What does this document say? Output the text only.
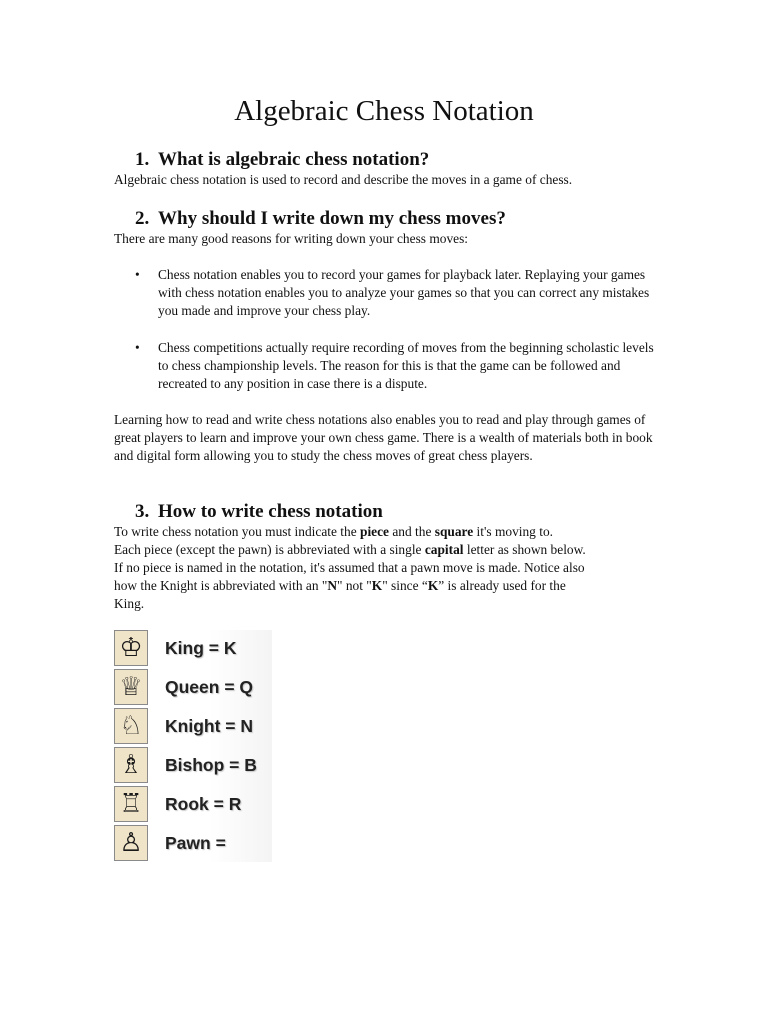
Algebraic Chess Notation
1. What is algebraic chess notation?

Algebraic chess notation is used to record and describe the moves in a game of chess.

2. Why should I write down my chess moves?

There are many good reasons for writing down your chess moves:

•	Chess notation enables you to record your games for playback later. Replaying your games with chess notation enables you to analyze your games so that you can correct any mistakes you made and improve your chess play.
•	Chess competitions actually require recording of moves from the beginning scholastic levels to chess championship levels. The reason for this is that the game can be followed and recreated to any position in case there is a dispute.

Learning how to read and write chess notations also enables you to read and play through games of great players to learn and improve your own chess game. There is a wealth of materials both in book and digital form allowing you to study the chess moves of great chess players.

3. How to write chess notation

To write chess notation you must indicate the piece and the square it's moving to.

Each piece (except the pawn) is abbreviated with a single capital letter as shown below.

If no piece is named in the notation, it's assumed that a pawn move is made. Notice also

how the Knight is abbreviated with an "N" not "K" since “K” is already used for the

King.

♔	King = K
♕	Queen = Q
♘	Knight = N
♗	Bishop = B
♖	Rook = R
♙	Pawn =
